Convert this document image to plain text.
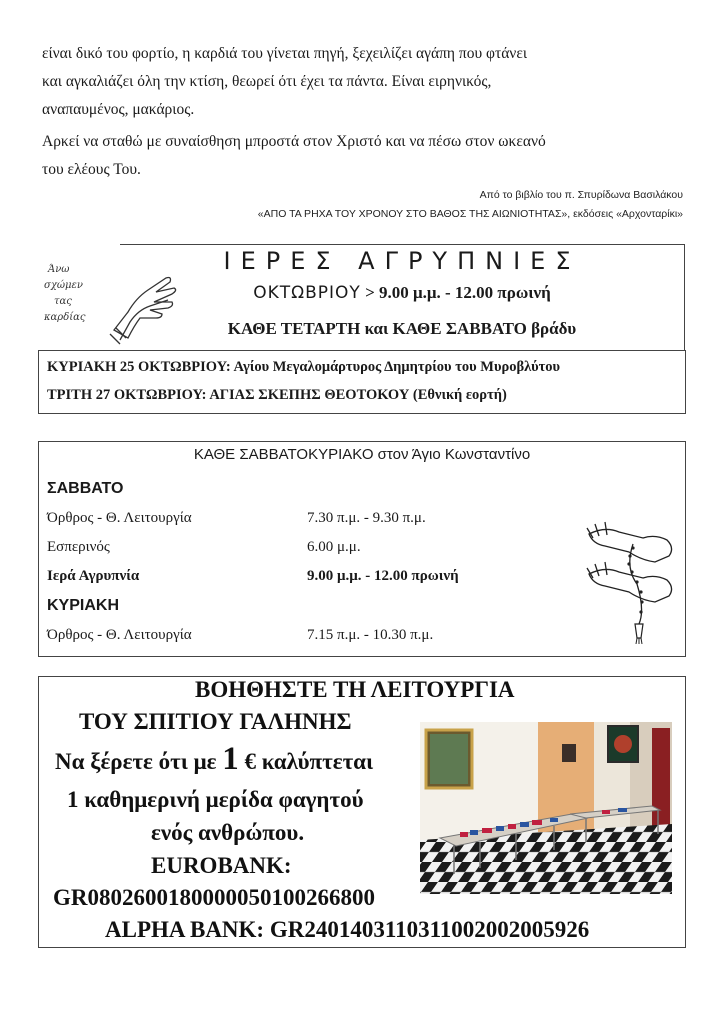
είναι δικό του φορτίο, η καρδιά του γίνεται πηγή, ξεχειλίζει αγάπη που φτάνει
και αγκαλιάζει όλη την κτίση, θεωρεί ότι έχει τα πάντα. Είναι ειρηνικός,
αναπαυμένος, μακάριος.
Αρκεί να σταθώ με συναίσθηση μπροστά στον Χριστό και να πέσω στον ωκεανό
του ελέους Του.
Από το βιβλίο του π. Σπυρίδωνα Βασιλάκου
«ΑΠΟ ΤΑ ΡΗΧΑ ΤΟΥ ΧΡΟΝΟΥ ΣΤΟ ΒΑΘΟΣ ΤΗΣ ΑΙΩΝΙΟΤΗΤΑΣ», εκδόσεις «Αρχονταρίκι»
ΙΕΡΕΣ ΑΓΡΥΠΝΙΕΣ
ΟΚΤΩΒΡΙΟΥ > 9.00 μ.μ. - 12.00 πρωινή
ΚΑΘΕ ΤΕΤΑΡΤΗ και ΚΑΘΕ ΣΑΒΒΑΤΟ βράδυ
ΚΥΡΙΑΚΗ 25 ΟΚΤΩΒΡΙΟΥ: Αγίου Μεγαλομάρτυρος Δημητρίου του Μυροβλύτου
ΤΡΙΤΗ 27 ΟΚΤΩΒΡΙΟΥ: ΑΓΙΑΣ ΣΚΕΠΗΣ ΘΕΟΤΟΚΟΥ (Εθνική εορτή)
Άνω
σχώμεν
τας
καρδίας
ΚΑΘΕ ΣΑΒΒΑΤΟΚΥΡΙΑΚΟ στον Άγιο Κωνσταντίνο
ΣΑΒΒΑΤΟ
Όρθρος - Θ. Λειτουργία	7.30 π.μ. - 9.30 π.μ.
Εσπερινός	6.00 μ.μ.
Ιερά Αγρυπνία	9.00 μ.μ. - 12.00 πρωινή
ΚΥΡΙΑΚΗ
Όρθρος - Θ. Λειτουργία	7.15 π.μ. - 10.30 π.μ.
ΒΟΗΘΗΣΤΕ ΤΗ ΛΕΙΤΟΥΡΓΙΑ
ΤΟΥ ΣΠΙΤΙΟΥ ΓΑΛΗΝΗΣ
Να ξέρετε ότι με 1 € καλύπτεται
1 καθημερινή μερίδα φαγητού
ενός ανθρώπου.
EUROBANK:
GR0802600180000050100266800
ALPHA BANK: GR2401403110311002002005926
